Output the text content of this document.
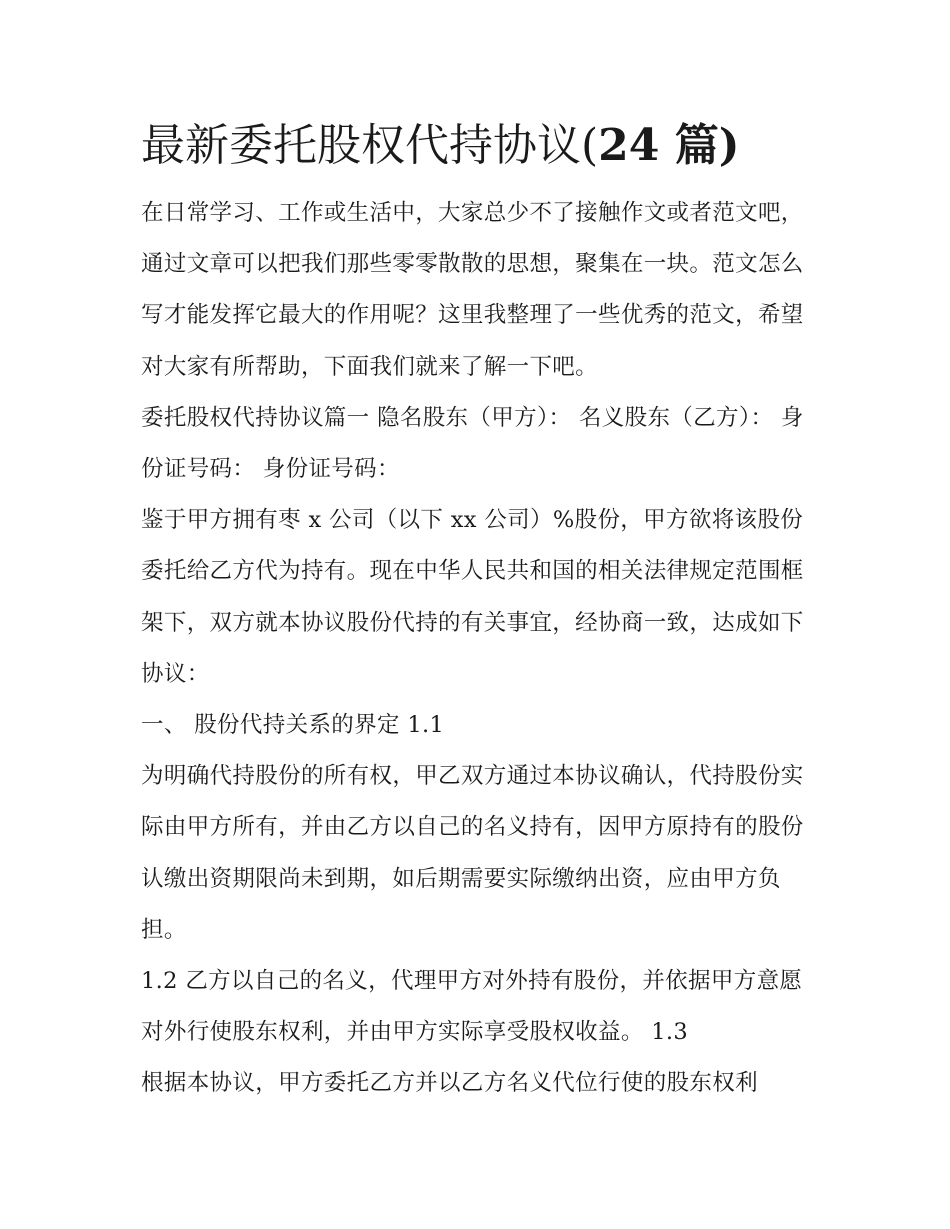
最新委托股权代持协议(24 篇)

在日常学习、工作或生活中，大家总少不了接触作文或者范文吧，通过文章可以把我们那些零零散散的思想，聚集在一块。范文怎么写才能发挥它最大的作用呢？这里我整理了一些优秀的范文，希望对大家有所帮助，下面我们就来了解一下吧。

委托股权代持协议篇一 隐名股东（甲方）： 名义股东（乙方）： 身份证号码： 身份证号码：

鉴于甲方拥有枣 x 公司（以下 xx 公司）%股份，甲方欲将该股份委托给乙方代为持有。现在中华人民共和国的相关法律规定范围框架下，双方就本协议股份代持的有关事宜，经协商一致，达成如下协议：

一、 股份代持关系的界定 1.1

为明确代持股份的所有权，甲乙双方通过本协议确认，代持股份实际由甲方所有，并由乙方以自己的名义持有，因甲方原持有的股份认缴出资期限尚未到期，如后期需要实际缴纳出资，应由甲方负担。

1.2 乙方以自己的名义，代理甲方对外持有股份，并依据甲方意愿对外行使股东权利，并由甲方实际享受股权收益。 1.3

根据本协议，甲方委托乙方并以乙方名义代位行使的股东权利
